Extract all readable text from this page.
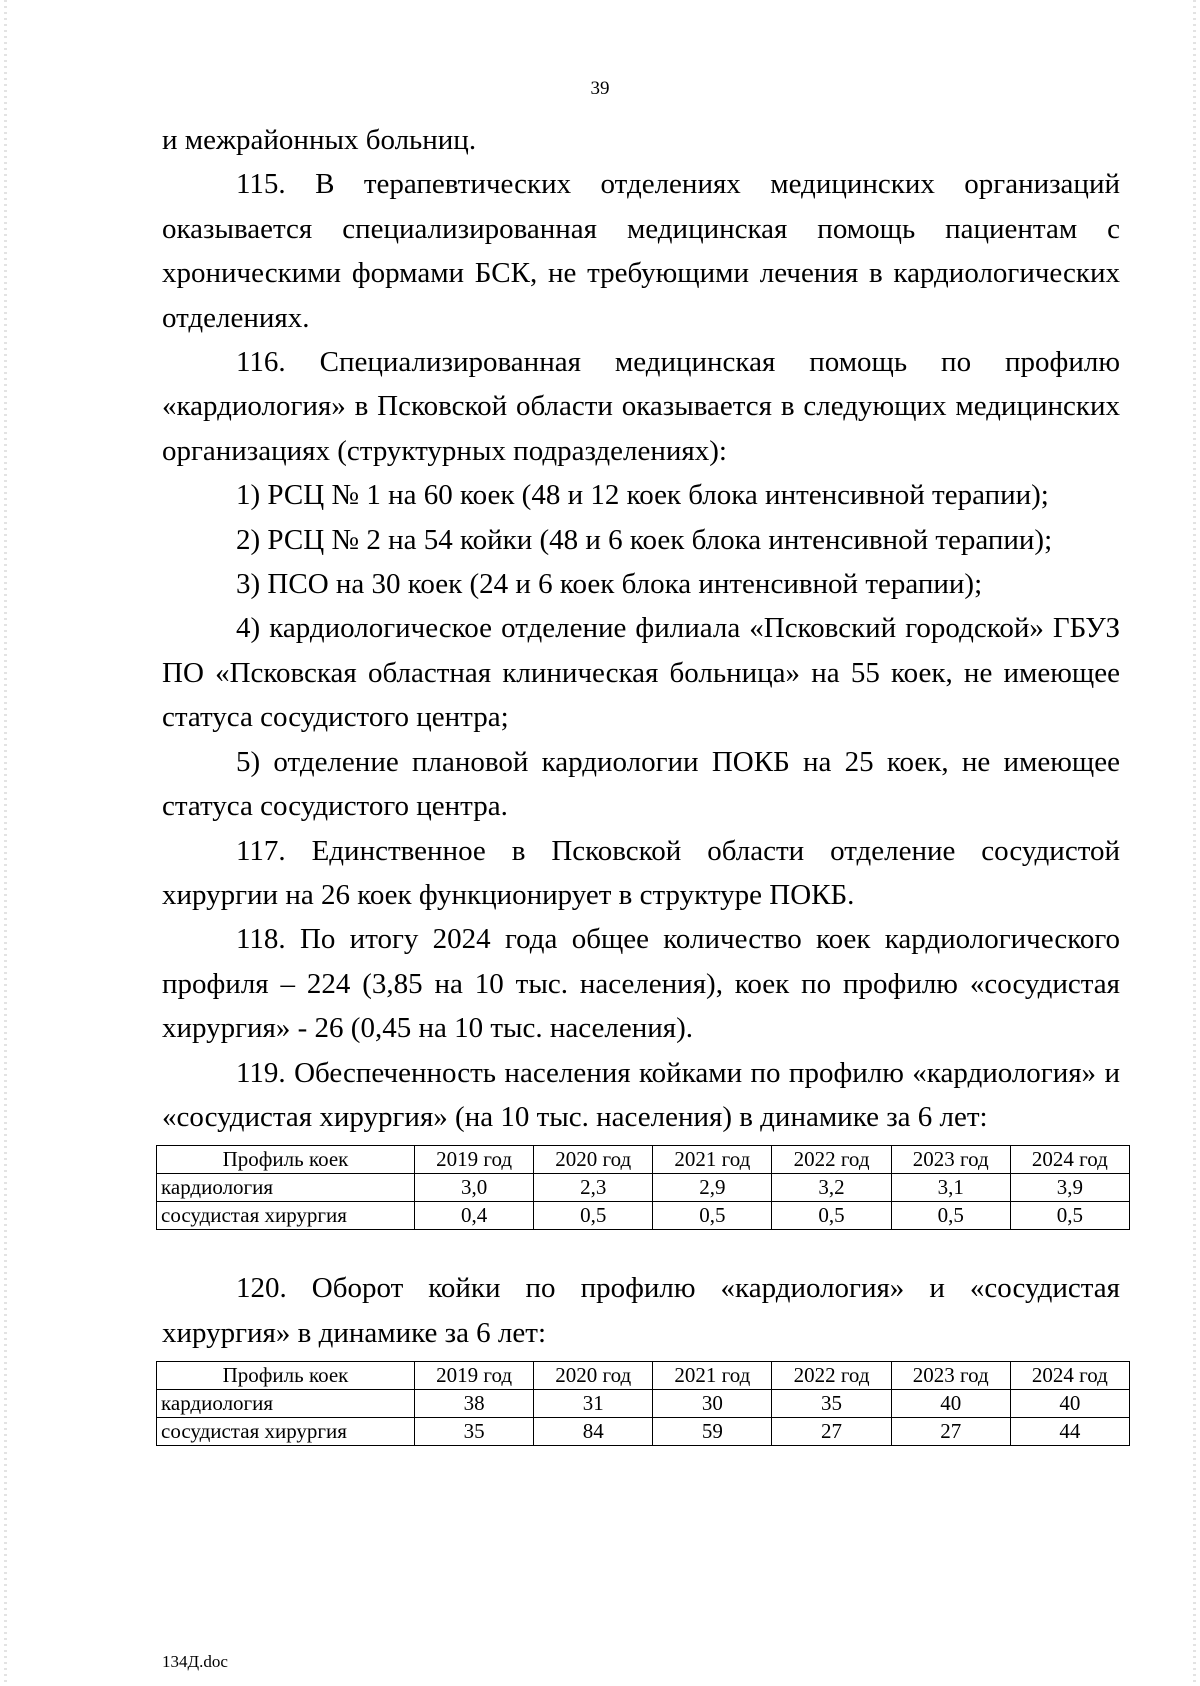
39

и межрайонных больниц.

115. В терапевтических отделениях медицинских организаций оказывается специализированная медицинская помощь пациентам с хроническими формами БСК, не требующими лечения в кардиологических отделениях.

116. Специализированная медицинская помощь по профилю «кардиология» в Псковской области оказывается в следующих медицинских организациях (структурных подразделениях):

1) РСЦ № 1 на 60 коек (48 и 12 коек блока интенсивной терапии);

2) РСЦ № 2 на 54 койки (48 и 6 коек блока интенсивной терапии);

3) ПСО на 30 коек (24 и 6 коек блока интенсивной терапии);

4) кардиологическое отделение филиала «Псковский городской» ГБУЗ ПО «Псковская областная клиническая больница» на 55 коек, не имеющее статуса сосудистого центра;

5) отделение плановой кардиологии ПОКБ на 25 коек, не имеющее статуса сосудистого центра.

117. Единственное в Псковской области отделение сосудистой хирургии на 26 коек функционирует в структуре ПОКБ.

118. По итогу 2024 года общее количество коек кардиологического профиля – 224 (3,85 на 10 тыс. населения), коек по профилю «сосудистая хирургия» - 26 (0,45 на 10 тыс. населения).

119. Обеспеченность населения койками по профилю «кардиология» и «сосудистая хирургия» (на 10 тыс. населения) в динамике за 6 лет:

Профиль коек	2019 год	2020 год	2021 год	2022 год	2023 год	2024 год
кардиология	3,0	2,3	2,9	3,2	3,1	3,9
сосудистая хирургия	0,4	0,5	0,5	0,5	0,5	0,5

120. Оборот койки по профилю «кардиология» и «сосудистая хирургия» в динамике за 6 лет:

Профиль коек	2019 год	2020 год	2021 год	2022 год	2023 год	2024 год
кардиология	38	31	30	35	40	40
сосудистая хирургия	35	84	59	27	27	44
134Д.doc
